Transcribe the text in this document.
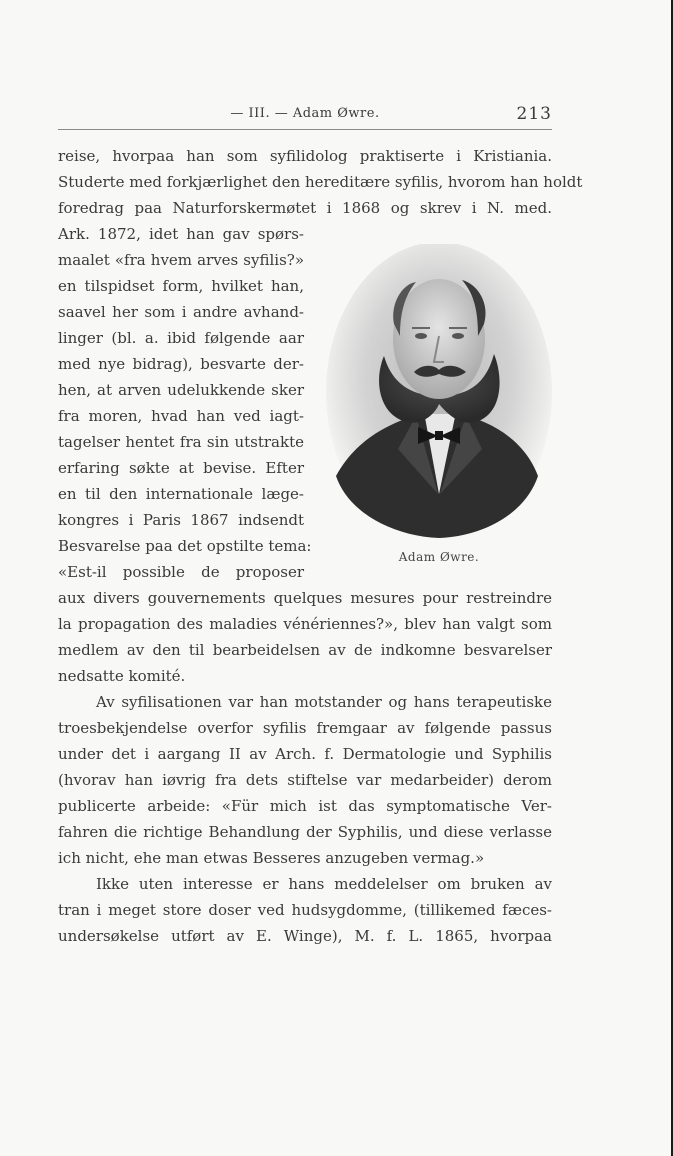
— III. — Adam Øwre.	213
reise, hvorpaa han som syfilidolog praktiserte i Kristiania.
Studerte med forkjærlighet den hereditære syfilis, hvorom han holdt
foredrag paa Naturforskermøtet i 1868 og skrev i N. med.
Ark. 1872, idet han gav spørs-
maalet «fra hvem arves syfilis?»
en tilspidset form, hvilket han,
saavel her som i andre avhand-
linger (bl. a. ibid følgende aar
med nye bidrag), besvarte der-
hen, at arven udelukkende sker
fra moren, hvad han ved iagt-
tagelser hentet fra sin utstrakte
erfaring søkte at bevise. Efter
en til den internationale læge-
kongres i Paris 1867 indsendt
Besvarelse paa det opstilte tema:
«Est-il possible de proposer
aux divers gouvernements quelques mesures pour restreindre
la propagation des maladies vénériennes?», blev han valgt som
medlem av den til bearbeidelsen av de indkomne besvarelser
nedsatte komité.
Av syfilisationen var han motstander og hans terapeutiske
troesbekjendelse overfor syfilis fremgaar av følgende passus
under det i aargang II av Arch. f. Dermatologie und Syphilis
(hvorav han iøvrig fra dets stiftelse var medarbeider) derom
publicerte arbeide: «Für mich ist das symptomatische Ver-
fahren die richtige Behandlung der Syphilis, und diese verlasse
ich nicht, ehe man etwas Besseres anzugeben vermag.»
Ikke uten interesse er hans meddelelser om bruken av
tran i meget store doser ved hudsygdomme, (tillikemed fæces-
undersøkelse utført av E. Winge), M. f. L. 1865, hvorpaa
Adam Øwre.
